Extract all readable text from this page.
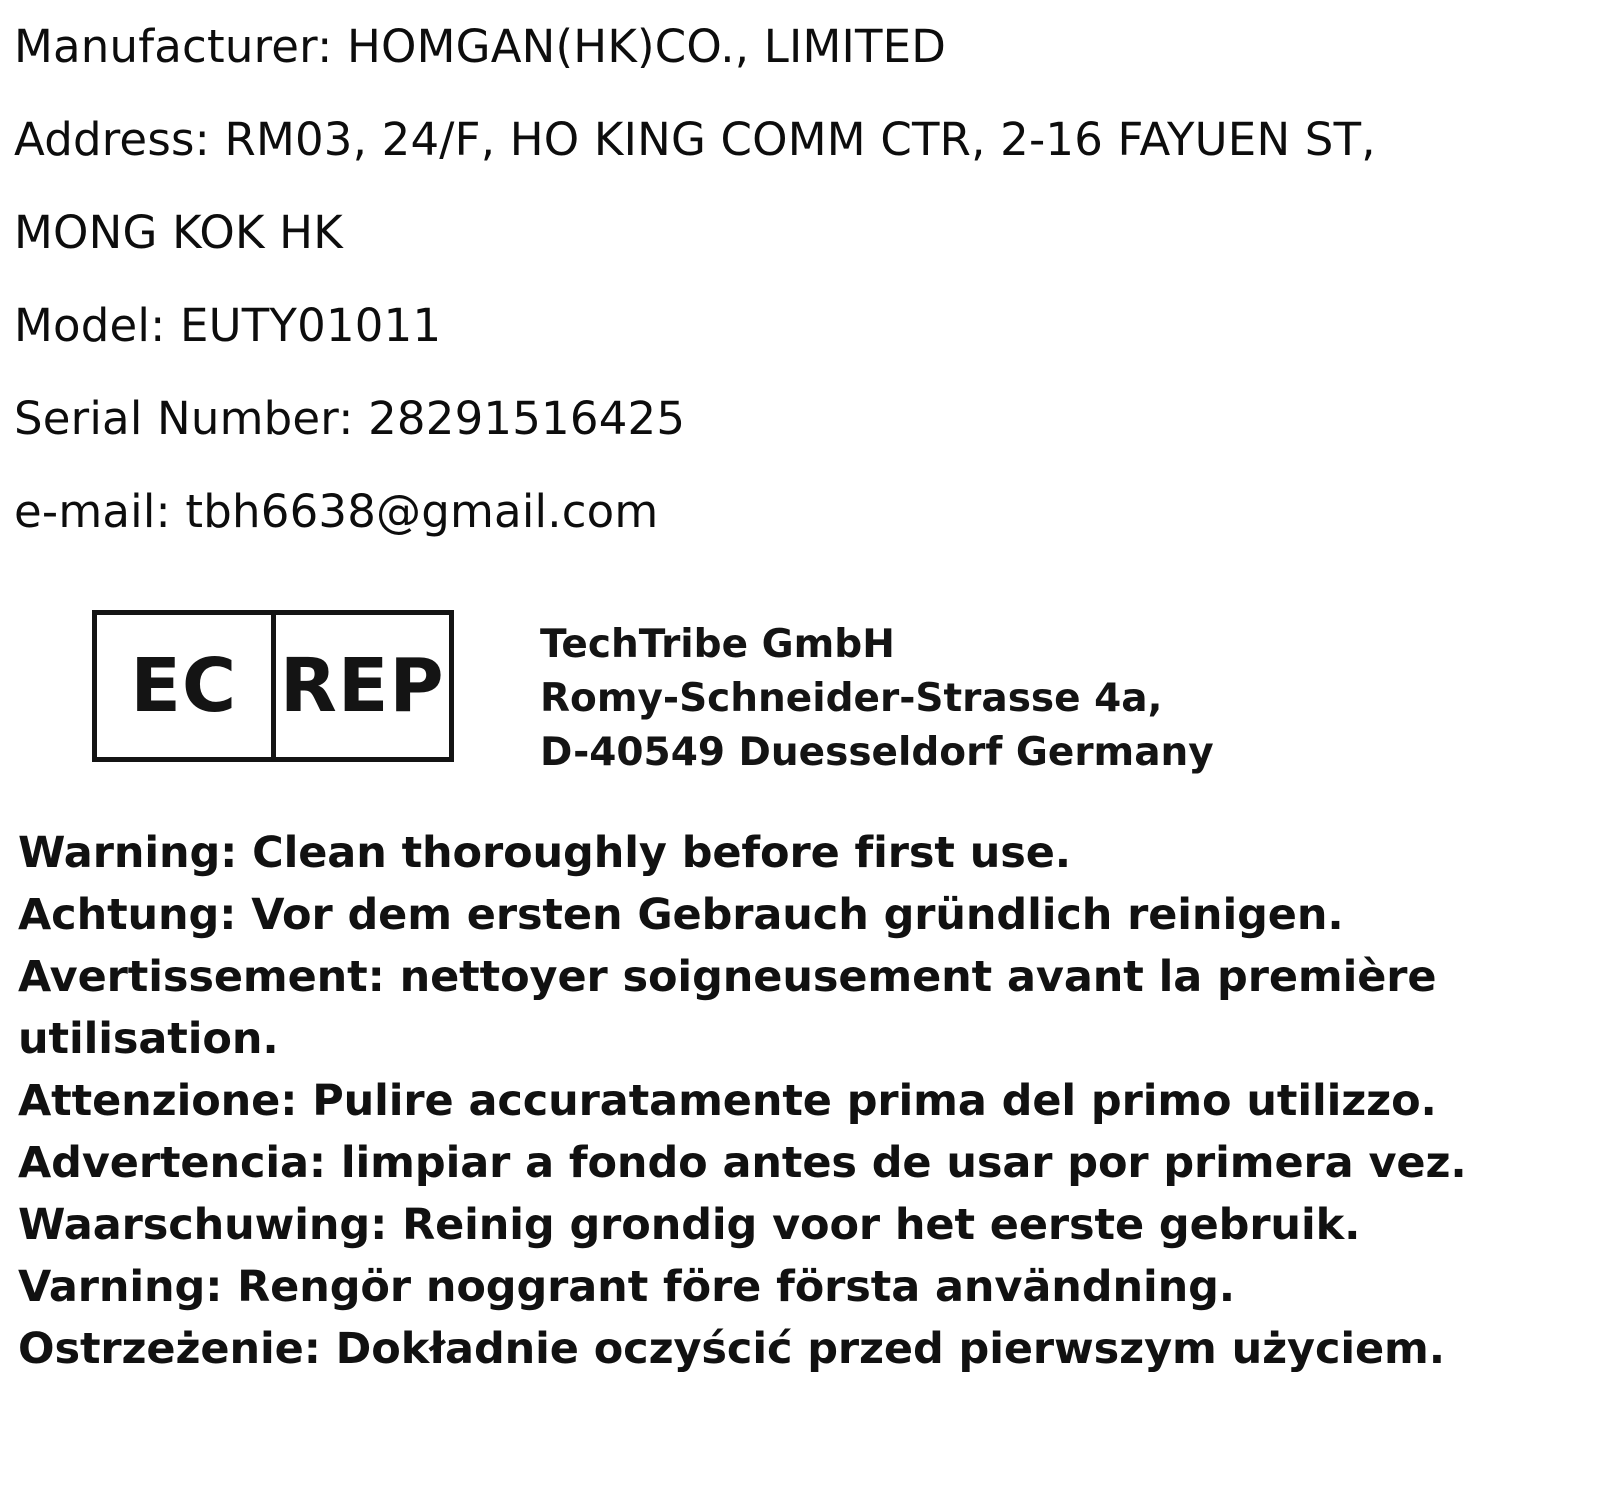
Manufacturer: HOMGAN(HK)CO., LIMITED
Address: RM03, 24/F, HO KING COMM CTR, 2-16 FAYUEN ST,
MONG KOK HK
Model: EUTY01011
Serial Number: 28291516425
e-mail: tbh6638@gmail.com
EC REP TechTribe GmbH
Romy-Schneider-Strasse 4a,
D-40549 Duesseldorf Germany
Warning: Clean thoroughly before first use.
Achtung: Vor dem ersten Gebrauch gründlich reinigen.
Avertissement: nettoyer soigneusement avant la première
utilisation.
Attenzione: Pulire accuratamente prima del primo utilizzo.
Advertencia: limpiar a fondo antes de usar por primera vez.
Waarschuwing: Reinig grondig voor het eerste gebruik.
Varning: Rengör noggrant före första användning.
Ostrzeżenie: Dokładnie oczyścić przed pierwszym użyciem.
